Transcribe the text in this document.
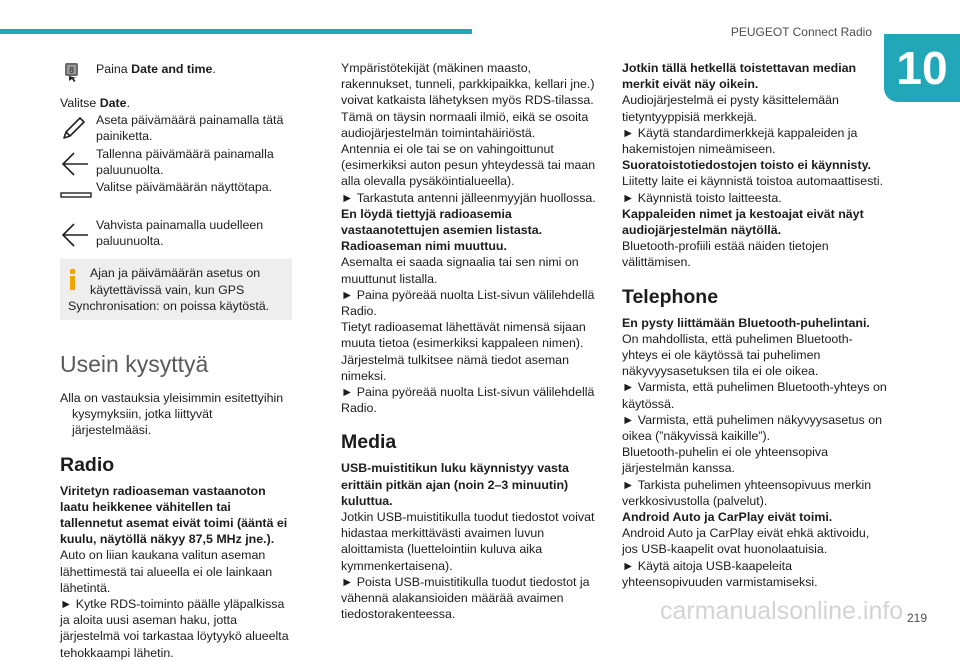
PEUGEOT Connect Radio
10
8 Paina Date and time.

Valitse Date.

Aseta päivämäärä painamalla tätä painiketta.
Tallenna päivämäärä painamalla paluunuolta.
Valitse päivämäärän näyttötapa.
Vahvista painamalla uudelleen paluunuolta.

Ajan ja päivämäärän asetus on käytettävissä vain, kun GPS

Synchronisation: on poissa käytöstä.

Usein kysyttyä

Alla on vastauksia yleisimmin esitettyihin kysymyksiin, jotka liittyvät järjestelmääsi.

Radio

Viritetyn radioaseman vastaanoton laatu heikkenee vähitellen tai tallennetut asemat eivät toimi (ääntä ei kuulu, näytöllä näkyy 87,5 MHz jne.).

Auto on liian kaukana valitun aseman lähettimestä tai alueella ei ole lainkaan lähetintä.

► Kytke RDS-toiminto päälle yläpalkissa ja aloita uusi aseman haku, jotta järjestelmä voi tarkastaa löytyykö alueelta tehokkaampi lähetin.

Ympäristötekijät (mäkinen maasto, rakennukset, tunneli, parkkipaikka, kellari jne.) voivat katkaista lähetyksen myös RDS-tilassa.

Tämä on täysin normaali ilmiö, eikä se osoita audiojärjestelmän toimintahäiriöstä.

Antennia ei ole tai se on vahingoittunut (esimerkiksi auton pesun yhteydessä tai maan alla olevalla pysäköintialueella).

► Tarkastuta antenni jälleenmyyjän huollossa.

En löydä tiettyjä radioasemia vastaanotettujen asemien listasta.

Radioaseman nimi muuttuu.

Asemalta ei saada signaalia tai sen nimi on muuttunut listalla.

► Paina pyöreää nuolta List-sivun välilehdellä Radio.

Tietyt radioasemat lähettävät nimensä sijaan muuta tietoa (esimerkiksi kappaleen nimen).

Järjestelmä tulkitsee nämä tiedot aseman nimeksi.

► Paina pyöreää nuolta List-sivun välilehdellä Radio.

Media

USB-muistitikun luku käynnistyy vasta erittäin pitkän ajan (noin 2–3 minuutin) kuluttua.

Jotkin USB-muistitikulla tuodut tiedostot voivat hidastaa merkittävästi avaimen luvun aloittamista (luettelointiin kuluva aika kymmenkertaisena).

► Poista USB-muistitikulla tuodut tiedostot ja vähennä alakansioiden määrää avaimen tiedostorakenteessa.

Jotkin tällä hetkellä toistettavan median merkit eivät näy oikein.

Audiojärjestelmä ei pysty käsittelemään tietyntyyppisiä merkkejä.

► Käytä standardimerkkejä kappaleiden ja hakemistojen nimeämiseen.

Suoratoistotiedostojen toisto ei käynnisty.

Liitetty laite ei käynnistä toistoa automaattisesti.

► Käynnistä toisto laitteesta.

Kappaleiden nimet ja kestoajat eivät näyt audiojärjestelmän näytöllä.

Bluetooth-profiili estää näiden tietojen välittämisen.

Telephone

En pysty liittämään Bluetooth-puhelintani.

On mahdollista, että puhelimen Bluetooth-yhteys ei ole käytössä tai puhelimen näkyvyysasetuksen tila ei ole oikea.

► Varmista, että puhelimen Bluetooth-yhteys on käytössä.

► Varmista, että puhelimen näkyvyysasetus on oikea (”näkyvissä kaikille”).

Bluetooth-puhelin ei ole yhteensopiva järjestelmän kanssa.

► Tarkista puhelimen yhteensopivuus merkin verkkosivustolla (palvelut).

Android Auto ja CarPlay eivät toimi.

Android Auto ja CarPlay eivät ehkä aktivoidu, jos USB-kaapelit ovat huonolaatuisia.

► Käytä aitoja USB-kaapeleita yhteensopivuuden varmistamiseksi.

carmanualsonline.info 219
